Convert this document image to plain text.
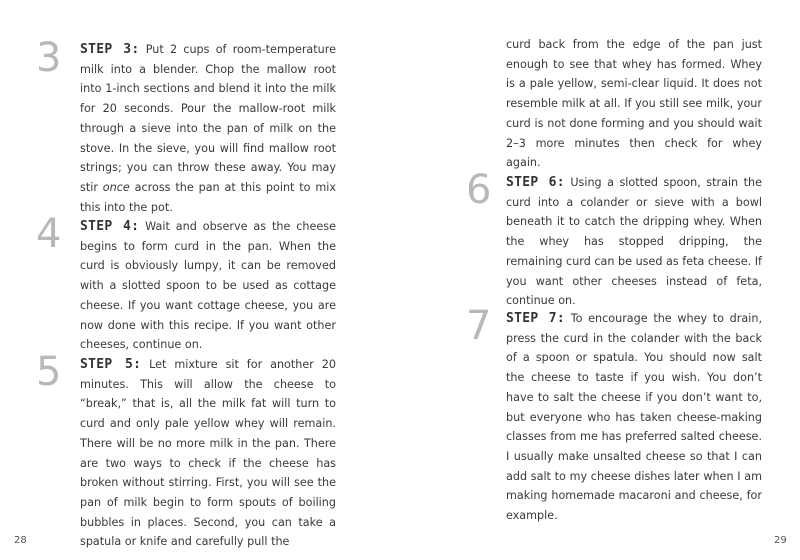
3 STEP 3: Put 2 cups of room-temperature milk into a blender. Chop the mallow root into 1-inch sections and blend it into the milk for 20 seconds. Pour the mallow-root milk through a sieve into the pan of milk on the stove. In the sieve, you will find mallow root strings; you can throw these away. You may stir once across the pan at this point to mix this into the pot.

4 STEP 4: Wait and observe as the cheese begins to form curd in the pan. When the curd is obviously lumpy, it can be removed with a slotted spoon to be used as cottage cheese. If you want cottage cheese, you are now done with this recipe. If you want other cheeses, continue on.

5 STEP 5: Let mixture sit for another 20 minutes. This will allow the cheese to “break,” that is, all the milk fat will turn to curd and only pale yellow whey will remain. There will be no more milk in the pan. There are two ways to check if the cheese has broken without stirring. First, you will see the pan of milk begin to form spouts of boiling bubbles in places. Second, you can take a spatula or knife and carefully pull the

28

curd back from the edge of the pan just enough to see that whey has formed. Whey is a pale yellow, semi-clear liquid. It does not resemble milk at all. If you still see milk, your curd is not done forming and you should wait 2–3 more minutes then check for whey again.

6 STEP 6: Using a slotted spoon, strain the curd into a colander or sieve with a bowl beneath it to catch the dripping whey. When the whey has stopped dripping, the remaining curd can be used as feta cheese. If you want other cheeses instead of feta, continue on.

7 STEP 7: To encourage the whey to drain, press the curd in the colander with the back of a spoon or spatula. You should now salt the cheese to taste if you wish. You don’t have to salt the cheese if you don’t want to, but everyone who has taken cheese-making classes from me has preferred salted cheese. I usually make unsalted cheese so that I can add salt to my cheese dishes later when I am making homemade macaroni and cheese, for example.

29
